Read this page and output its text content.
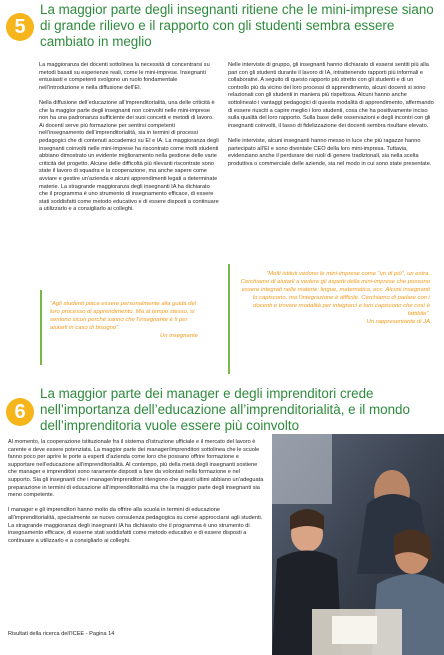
5
La maggior parte degli insegnanti ritiene che le mini-imprese siano di grande rilievo e il rapporto con gli studenti sembra essere cambiato in meglio

La maggioranza dei docenti sottolinea la necessità di concentrarsi su metodi basati su esperienze reali, come le mini-imprese. Insegnanti entusiasti e competenti svolgono un ruolo fondamentale nell’introduzione e nella diffusione dell’EI.

Nella diffusione dell’educazione all’imprenditorialità, una delle criticità è che la maggior parte degli insegnanti non coinvolti nelle mini-imprese non ha una padronanza sufficiente dei suoi concetti e metodi di lavoro. Ai docenti serve più formazione per sentirsi competenti nell’insegnamento dell’imprenditorialità, sia in termini di processi pedagogici che di contenuti accademici su EI e IA. La maggioranza degli insegnanti coinvolti nelle mini-imprese ha riscontrato come molti studenti abbiano dimostrato un evidente miglioramento nella gestione delle varie criticità del progetto. Alcune delle difficoltà più rilevanti riscontrate sono state il lavoro di squadra e la cooperazione, ma anche sapere come avviare e gestire un’azienda e alcuni apprendimenti legati a determinate materie. La stragrande maggioranza degli insegnanti IA ha dichiarato che il programma è uno strumento di insegnamento efficace, di essere stati soddisfatti come metodo educativo e di essere disposti a continuare a utilizzarlo e a consigliarlo ai colleghi.

Nelle interviste di gruppo, gli insegnanti hanno dichiarato di essersi sentiti più alla pari con gli studenti durante il lavoro di IA, intrattenendo rapporti più informali e collaborativi. A seguito di questo rapporto più stretto con gli studenti e di un controllo più da vicino dei loro processi di apprendimento, alcuni docenti si sono relazionati con gli studenti in maniera più rispettosa. Alcuni hanno anche sottolineato i vantaggi pedagogici di questa modalità di apprendimento, affermando di essere riusciti a capire meglio i loro studenti, cosa che ha positivamente inciso sulla qualità del loro rapporto. Sulla base delle osservazioni e degli incontri con gli insegnanti coinvolti, il tasso di fidelizzazione dei docenti sembra risultare elevato.

Nelle interviste, alcuni insegnanti hanno messo in luce che più ragazze hanno partecipato all’EI e sono diventate CEO della loro mini-impresa. Tuttavia, evidenziano anche il perdurare dei ruoli di genere tradizionali, sia nella scelta produttiva o commerciale delle aziende, sia nel modo in cui sono state presentate.

“Agli studenti piace essere personalmente alla guida del loro processo di apprendimento. Ma al tempo stesso, si sentono sicuri perché sanno che l’insegnante è lì per aiutarli in caso di bisogno”.
Un insegnante
“Molti istituti vedono le mini-imprese come “un di più”, un extra. Cerchiamo di aiutarli a vedere gli aspetti della mini-imprese che possono essere integrati nelle materie: lingue, matematica, ecc. Alcuni insegnanti lo capiscono, ma l’integrazione è difficile. Cerchiamo di parlare con i docenti e trovare modalità per integrarci e loro capiscono che così è fattibile”.
Un rappresentante di JA
6
La maggior parte dei manager e degli imprenditori crede nell’importanza dell’educazione all’imprenditorialità, e il mondo dell’imprenditoria vuole essere più coinvolto

Al momento, la cooperazione istituzionale fra il sistema d’istruzione ufficiale e il mercato del lavoro è carente e deve essere potenziata. La maggior parte dei manager/imprenditori sottolinea che le scuole fanno poco per aprire le porte a esperti d’azienda come loro che possano offrire formazione e supportare nell’educazione all’imprenditorialità. Al contempo, più della metà degli insegnanti sostiene che manager e imprenditori sono raramente disposti a fare da volontari nella formazione e nel supporto. Sia gli insegnanti che i manager/imprenditori ritengono che questi ultimi abbiano un’adeguata preparazione in termini di educazione all’imprenditorialità ma che la maggior parte degli insegnanti sia meno competente.

I manager e gli imprenditori hanno molto da offrire alla scuola in termini di educazione all’imprenditorialità, specialmente se nuovo consulenza pedagogica su come approcciarsi agli studenti. La stragrande maggioranza degli insegnanti IA ha dichiarato che il programma è uno strumento di insegnamento efficace, di esserne stati soddisfatti come metodo educativo e di essere disposti a continuare a utilizzarlo e a consigliarlo ai colleghi.

Risultati della ricerca dell’ICEE - Pagina 14
